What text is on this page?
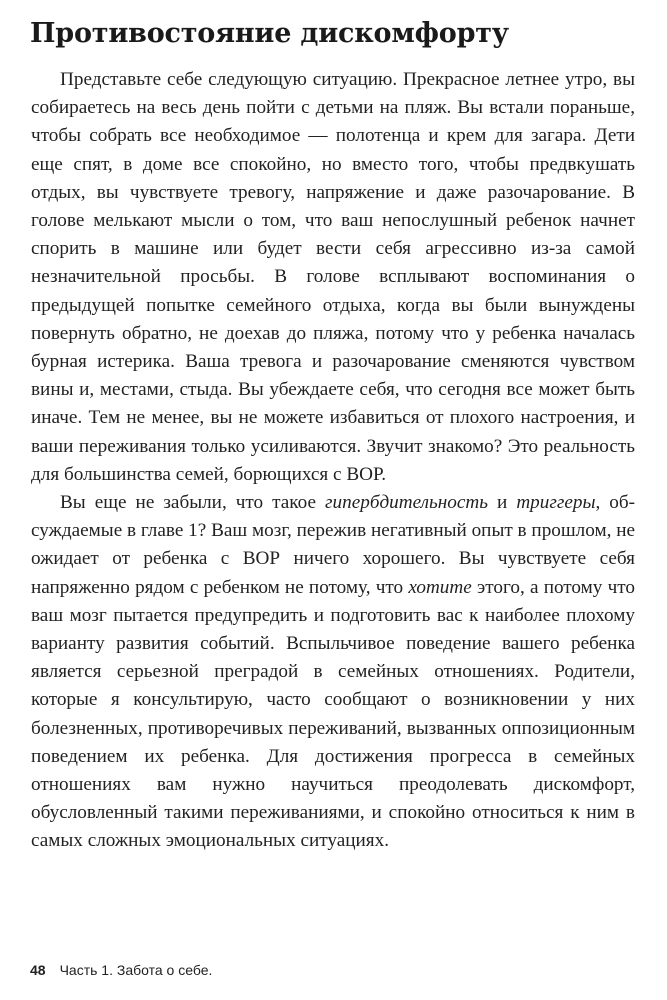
Противостояние дискомфорту

Представьте себе следующую ситуацию. Прекрасное летнее утро, вы собираетесь на весь день пойти с детьми на пляж. Вы встали пораньше, чтобы собрать все необходимое — полотенца и крем для загара. Дети еще спят, в доме все спокойно, но вместо того, чтобы предвкушать отдых, вы чувствуете тревогу, напряжение и даже разочарование. В голове мелькают мысли о том, что ваш непослушный ребенок начнет спорить в машине или будет вести себя агрессивно из-за самой незначительной просьбы. В голове всплывают воспоминания о предыдущей попытке семейного отдыха, когда вы были вынуждены повернуть обратно, не доехав до пляжа, потому что у ребенка началась бурная истерика. Ваша тревога и разочарование сменяются чувством вины и, местами, стыда. Вы убеждаете себя, что сегодня все может быть иначе. Тем не менее, вы не можете избавиться от плохого настроения, и ваши переживания только усиливаются. Звучит знакомо? Это реальность для большинства семей, борющихся с ВОР.

Вы еще не забыли, что такое гипербдительность и триггеры, обсуждаемые в главе 1? Ваш мозг, пережив негативный опыт в прошлом, не ожидает от ребенка с ВОР ничего хорошего. Вы чувствуете себя напряженно рядом с ребенком не потому, что хотите этого, а потому что ваш мозг пытается предупредить и подготовить вас к наиболее плохому варианту развития событий. Вспыльчивое поведение вашего ребенка является серьезной преградой в семейных отношениях. Родители, которые я консультирую, часто сообщают о возникновении у них болезненных, противоречивых переживаний, вызванных оппозиционным поведением их ребенка. Для достижения прогресса в семейных отношениях вам нужно научиться преодолевать дискомфорт, обусловленный такими переживаниями, и спокойно относиться к ним в самых сложных эмоциональных ситуациях.

48 Часть 1. Забота о себе.
